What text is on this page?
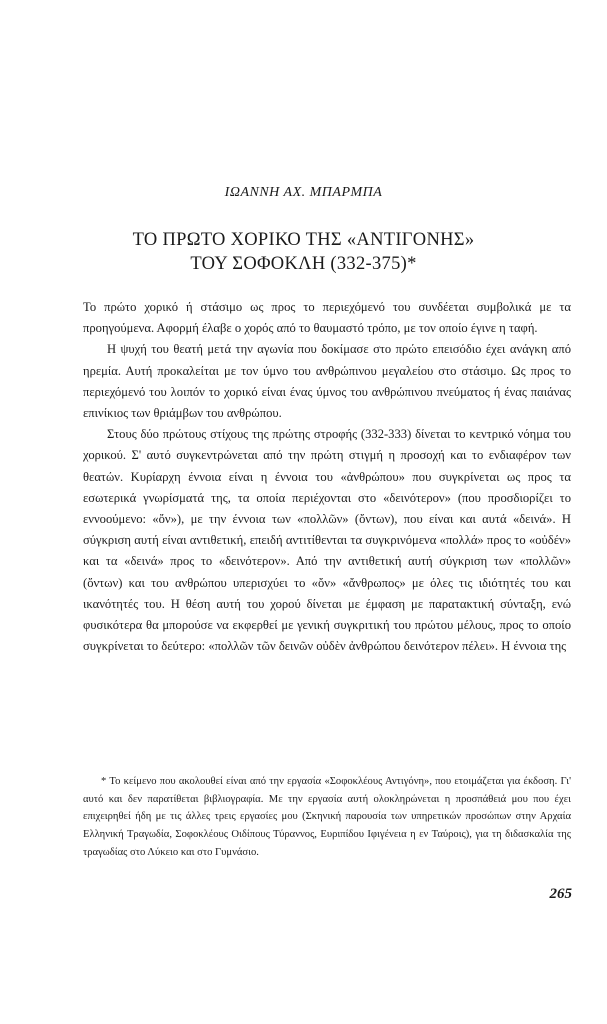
ΙΩΑΝΝΗ ΑΧ. ΜΠΑΡΜΠΑ
ΤΟ ΠΡΩΤΟ ΧΟΡΙΚΟ ΤΗΣ «ΑΝΤΙΓΟΝΗΣ»
ΤΟΥ ΣΟΦΟΚΛΗ (332-375)*

Το πρώτο χορικό ή στάσιμο ως προς το περιεχόμενό του συνδέεται συμβολικά με τα προηγούμενα. Αφορμή έλαβε ο χορός από το θαυμαστό τρόπο, με τον οποίο έγινε η ταφή.

Η ψυχή του θεατή μετά την αγωνία που δοκίμασε στο πρώτο επεισόδιο έχει ανάγκη από ηρεμία. Αυτή προκαλείται με τον ύμνο του ανθρώπινου μεγαλείου στο στάσιμο. Ως προς το περιεχόμενό του λοιπόν το χορικό είναι ένας ύμνος του ανθρώπινου πνεύματος ή ένας παιάνας επινίκιος των θριάμβων του ανθρώπου.

Στους δύο πρώτους στίχους της πρώτης στροφής (332-333) δίνεται το κεντρικό νόημα του χορικού. Σ' αυτό συγκεντρώνεται από την πρώτη στιγμή η προσοχή και το ενδιαφέρον των θεατών. Κυρίαρχη έννοια είναι η έννοια του «ἀνθρώπου» που συγκρίνεται ως προς τα εσωτερικά γνωρίσματά της, τα οποία περιέχονται στο «δεινότερον» (που προσδιορίζει το εννοούμενο: «ὄν»), με την έννοια των «πολλῶν» (ὄντων), που είναι και αυτά «δεινά». Η σύγκριση αυτή είναι αντιθετική, επειδή αντιτίθενται τα συγκρινόμενα «πολλά» προς το «οὐδέν» και τα «δεινά» προς το «δεινότερον». Από την αντιθετική αυτή σύγκριση των «πολλῶν» (ὄντων) και του ανθρώπου υπερισχύει το «ὄν» «ἄνθρωπος» με όλες τις ιδιότητές του και ικανότητές του. Η θέση αυτή του χορού δίνεται με έμφαση με παρατακτική σύνταξη, ενώ φυσικότερα θα μπορούσε να εκφερθεί με γενική συγκριτική του πρώτου μέλους, προς το οποίο συγκρίνεται το δεύτερο: «πολλῶν τῶν δεινῶν οὐδὲν ἀνθρώπου δεινότερον πέλει». Η έννοια της

* Το κείμενο που ακολουθεί είναι από την εργασία «Σοφοκλέους Αντιγόνη», που ετοιμάζεται για έκδοση. Γι' αυτό και δεν παρατίθεται βιβλιογραφία. Με την εργασία αυτή ολοκληρώνεται η προσπάθειά μου που έχει επιχειρηθεί ήδη με τις άλλες τρεις εργασίες μου (Σκηνική παρουσία των υπηρετικών προσώπων στην Αρχαία Ελληνική Τραγωδία, Σοφοκλέους Οιδίπους Τύραννος, Ευριπίδου Ιφιγένεια η εν Ταύροις), για τη διδασκαλία της τραγωδίας στο Λύκειο και στο Γυμνάσιο.

265
